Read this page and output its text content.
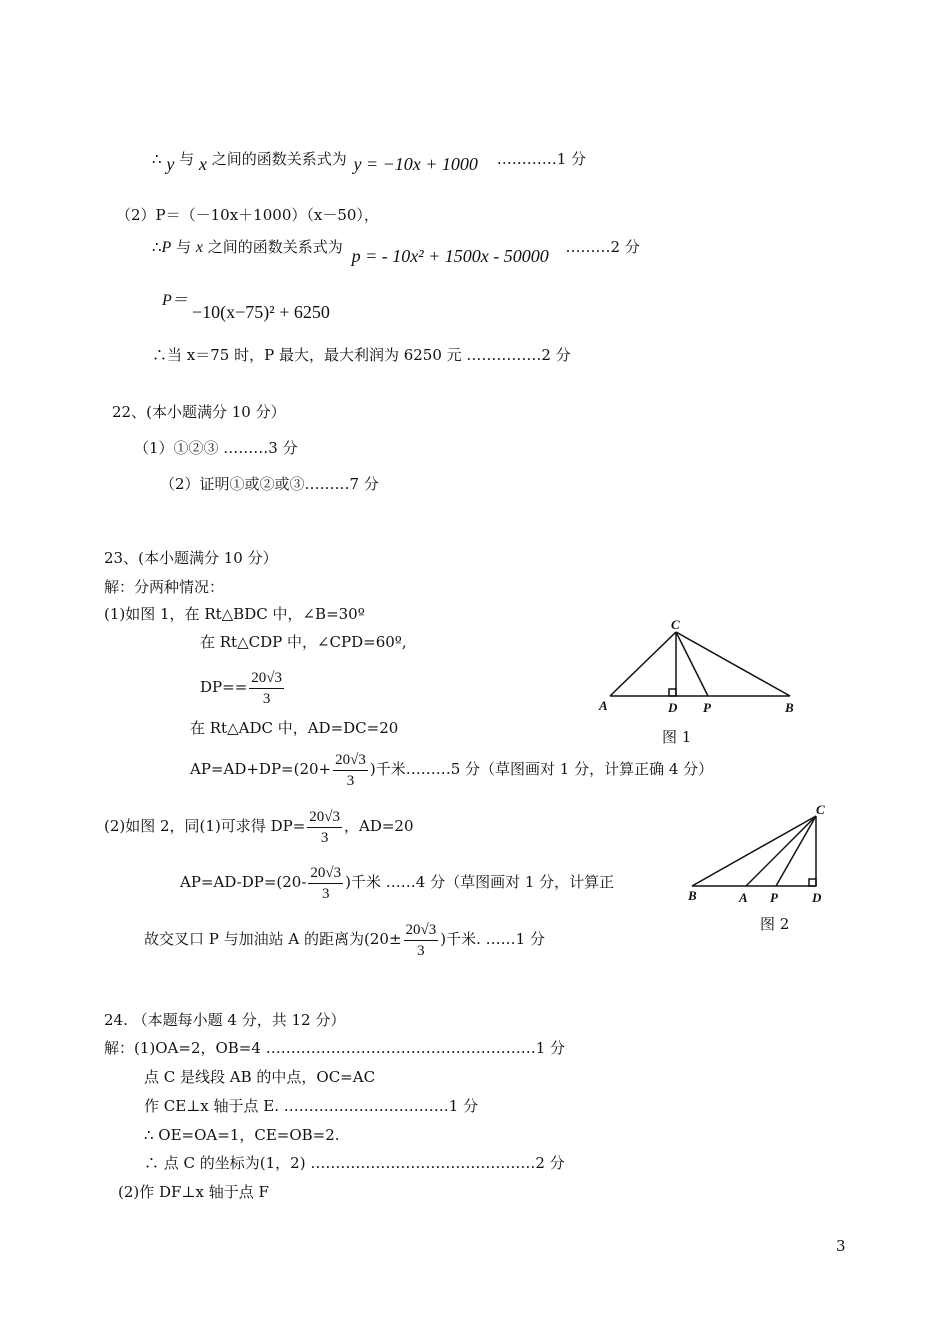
∴ y 与 x 之间的函数关系式为 y = −10x + 1000 …………1 分
（2）P＝（－10x＋1000）（x－50），
∴P 与 x 之间的函数关系式为 p = - 10x² + 1500x - 50000 ………2 分
P＝
−10(x−75)² + 6250
∴当 x＝75 时，P 最大，最大利润为 6250 元 ……………2 分
22、(本小题满分 10 分）
（1）①②③ ………3 分
（2）证明①或②或③………7 分
23、(本小题满分 10 分）
解：分两种情况：
(1)如图 1，在 Rt△BDC 中，∠B=30º
在 Rt△CDP 中，∠CPD=60º,
$DP== \frac{20√3}{3}$
在 Rt△ADC 中，AD=DC=20
$AP=AD+DP=(20+ \frac{20√3}{3}$ )千米………5 分（草图画对 1 分，计算正确 4 分）
(2)如图 2，同(1)可求得 $DP= \frac{20√3}{3}$ ，AD=20
$AP=AD-DP=(20- \frac{20√3}{3}$ )千米 ……4 分（草图画对 1 分，计算正
故交叉口 P 与加油站 A 的距离为($20\pm \frac{20√3}{3}$ )千米. ……1 分
C
A	D P	B
图 1
C
B	A P	D
图 2
24. （本题每小题 4 分，共 12 分）
解：(1)OA=2，OB=4 ………………………………………………1 分
点 C 是线段 AB 的中点，OC=AC
作 CE⊥x 轴于点 E. ……………………………1 分
∴ OE=OA=1，CE=OB=2.
∴ 点 C 的坐标为(1，2) ………………………………………2 分
(2)作 DF⊥x 轴于点 F
3
